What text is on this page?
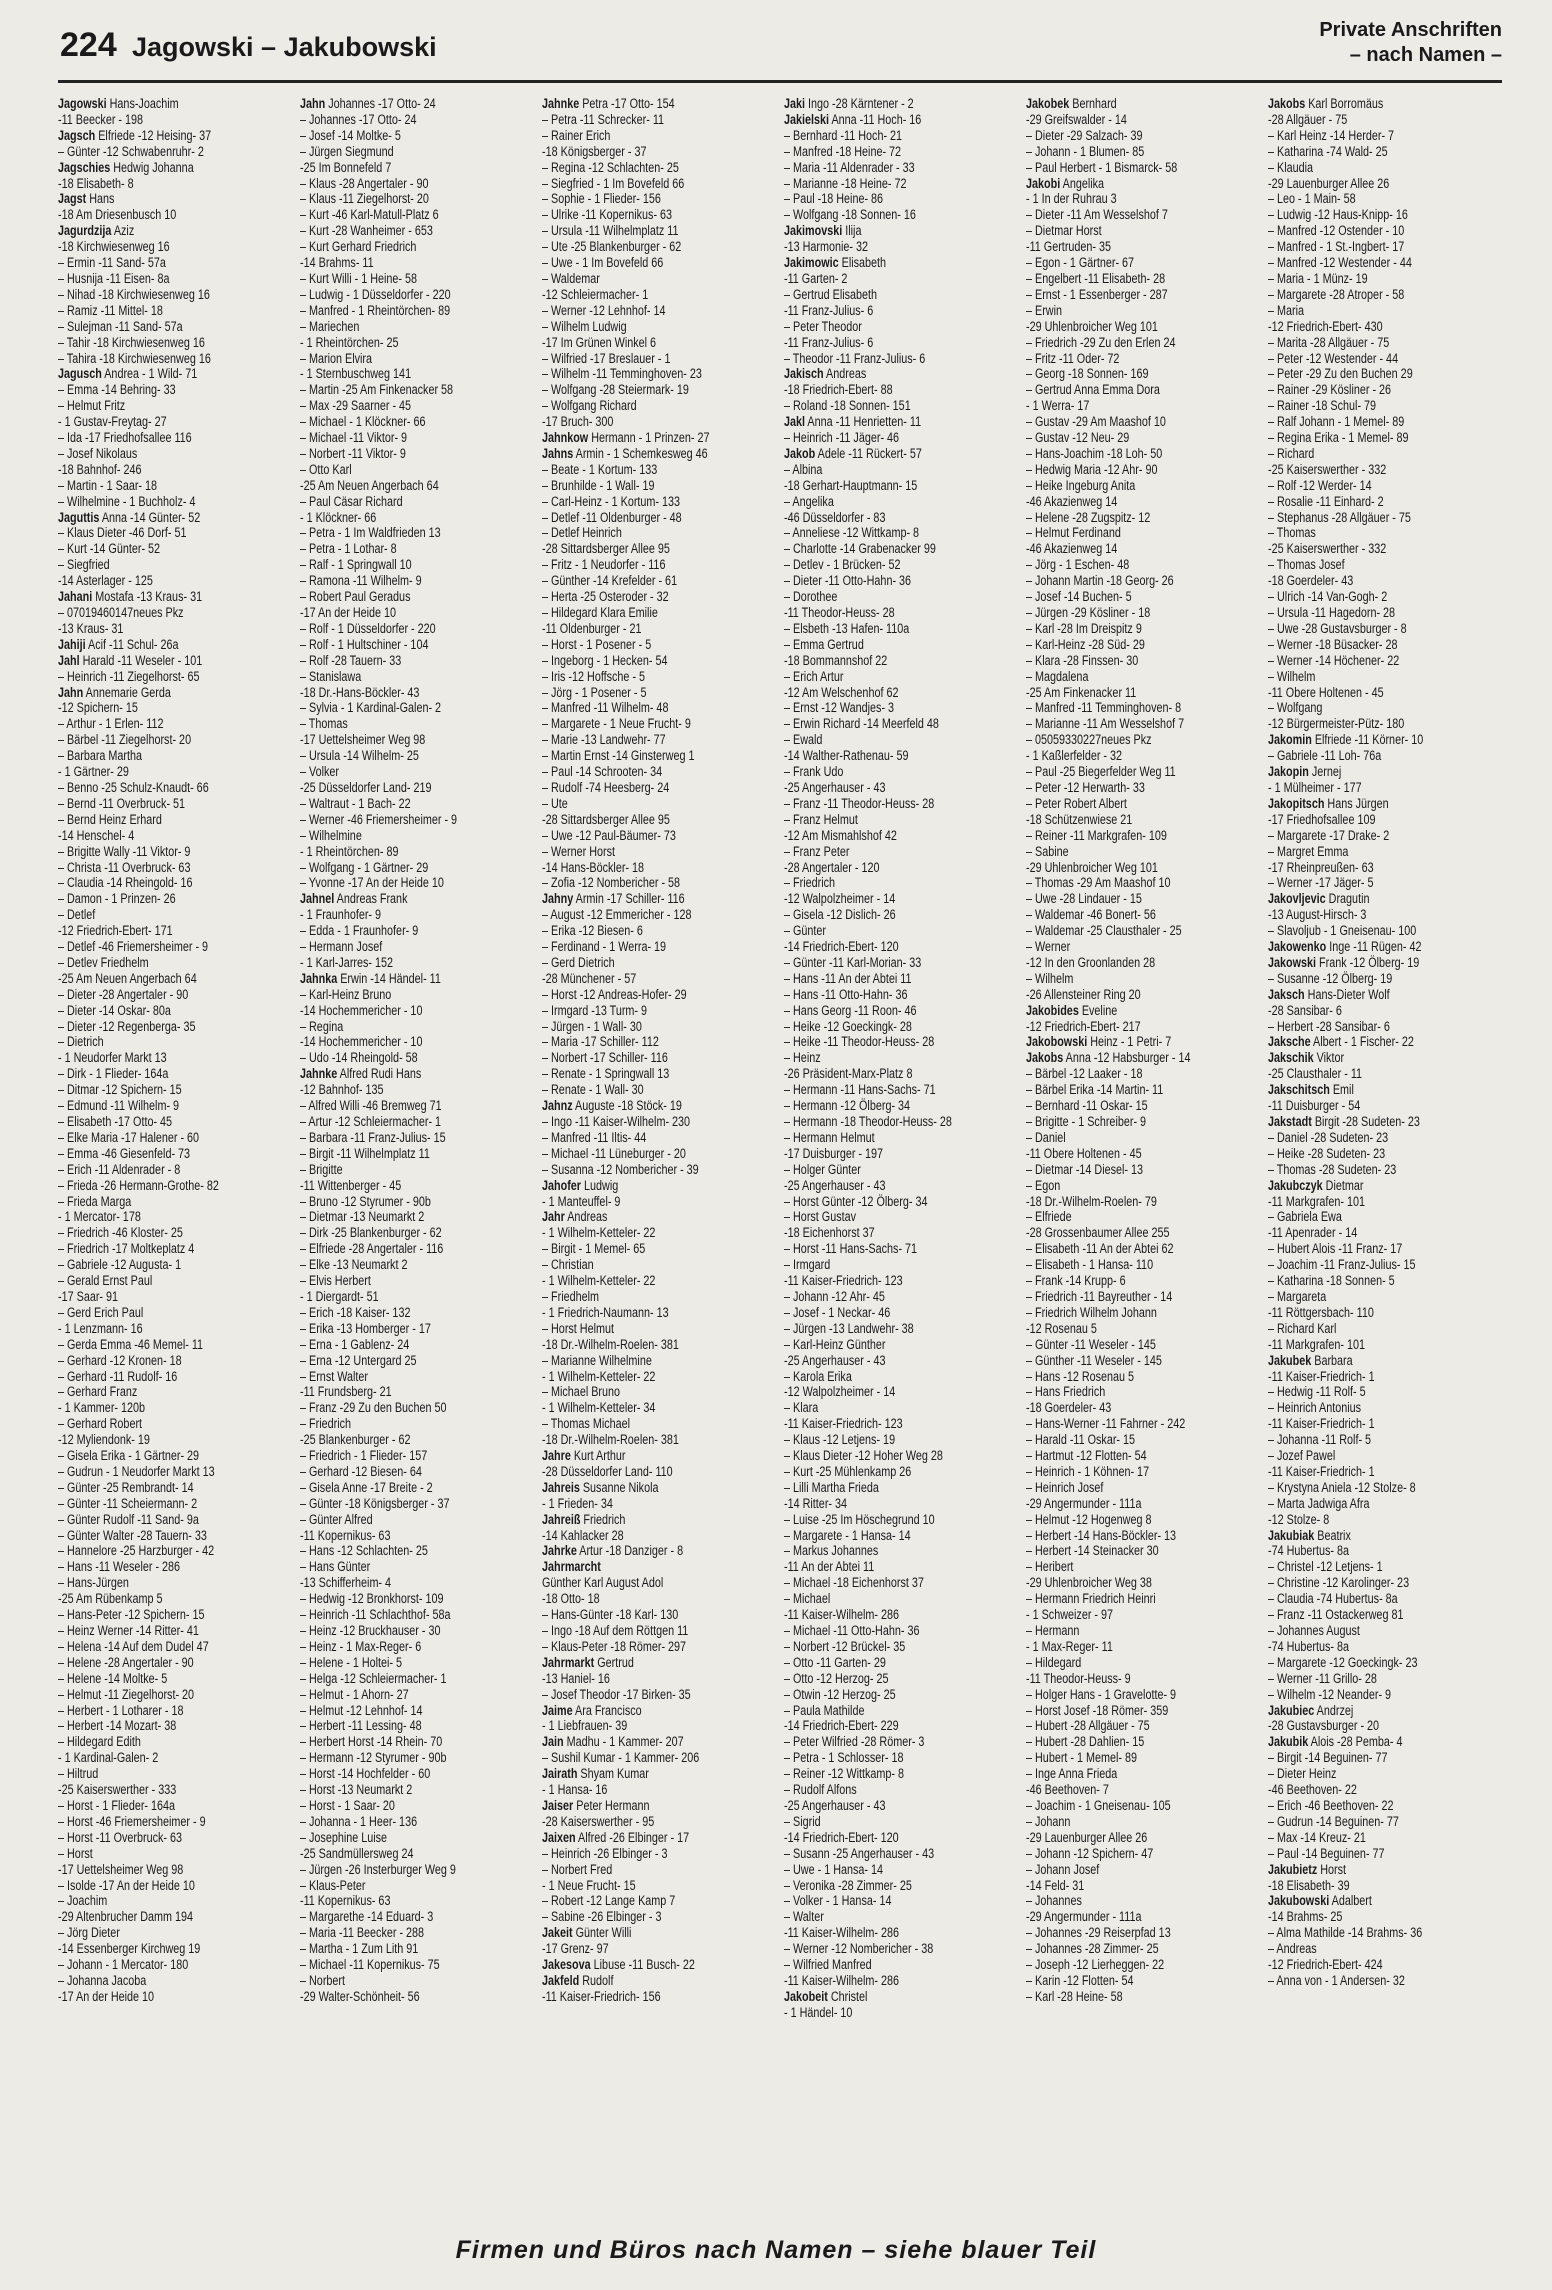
224 Jagowski – Jakubowski
Private Anschriften
– nach Namen –
Jagowski Hans-Joachim
-11 Beecker - 198
Jagsch Elfriede -12 Heising- 37
– Günter -12 Schwabenruhr- 2
Jagschies Hedwig Johanna
-18 Elisabeth- 8
Jagst Hans
-18 Am Driesenbusch 10
Jagurdzija Aziz
-18 Kirchwiesenweg 16
– Ermin -11 Sand- 57a
– Husnija -11 Eisen- 8a
– Nihad -18 Kirchwiesenweg 16
– Ramiz -11 Mittel- 18
– Sulejman -11 Sand- 57a
– Tahir -18 Kirchwiesenweg 16
– Tahira -18 Kirchwiesenweg 16
Jagusch Andrea - 1 Wild- 71
– Emma -14 Behring- 33
– Helmut Fritz
- 1 Gustav-Freytag- 27
– Ida -17 Friedhofsallee 116
– Josef Nikolaus
-18 Bahnhof- 246
– Martin - 1 Saar- 18
– Wilhelmine - 1 Buchholz- 4
Jaguttis Anna -14 Günter- 52
– Klaus Dieter -46 Dorf- 51
– Kurt -14 Günter- 52
– Siegfried
-14 Asterlager - 125
Jahani Mostafa -13 Kraus- 31
– 07019460147neues Pkz
-13 Kraus- 31
Jahiji Acif -11 Schul- 26a
Jahl Harald -11 Weseler - 101
– Heinrich -11 Ziegelhorst- 65
Jahn Annemarie Gerda
-12 Spichern- 15
– Arthur - 1 Erlen- 112
– Bärbel -11 Ziegelhorst- 20
– Barbara Martha
- 1 Gärtner- 29
– Benno -25 Schulz-Knaudt- 66
– Bernd -11 Overbruck- 51
– Bernd Heinz Erhard
-14 Henschel- 4
– Brigitte Wally -11 Viktor- 9
– Christa -11 Overbruck- 63
– Claudia -14 Rheingold- 16
– Damon - 1 Prinzen- 26
– Detlef
-12 Friedrich-Ebert- 171
– Detlef -46 Friemersheimer - 9
– Detlev Friedhelm
-25 Am Neuen Angerbach 64
– Dieter -28 Angertaler - 90
– Dieter -14 Oskar- 80a
– Dieter -12 Regenberga- 35
– Dietrich
- 1 Neudorfer Markt 13
– Dirk - 1 Flieder- 164a
– Ditmar -12 Spichern- 15
– Edmund -11 Wilhelm- 9
– Elisabeth -17 Otto- 45
– Elke Maria -17 Halener - 60
– Emma -46 Giesenfeld- 73
– Erich -11 Aldenrader - 8
– Frieda -26 Hermann-Grothe- 82
– Frieda Marga
- 1 Mercator- 178
– Friedrich -46 Kloster- 25
– Friedrich -17 Moltkeplatz 4
– Gabriele -12 Augusta- 1
– Gerald Ernst Paul
-17 Saar- 91
– Gerd Erich Paul
- 1 Lenzmann- 16
– Gerda Emma -46 Memel- 11
– Gerhard -12 Kronen- 18
– Gerhard -11 Rudolf- 16
– Gerhard Franz
- 1 Kammer- 120b
– Gerhard Robert
-12 Myliendonk- 19
– Gisela Erika - 1 Gärtner- 29
– Gudrun - 1 Neudorfer Markt 13
– Günter -25 Rembrandt- 14
– Günter -11 Scheiermann- 2
– Günter Rudolf -11 Sand- 9a
– Günter Walter -28 Tauern- 33
– Hannelore -25 Harzburger - 42
– Hans -11 Weseler - 286
– Hans-Jürgen
-25 Am Rübenkamp 5
– Hans-Peter -12 Spichern- 15
– Heinz Werner -14 Ritter- 41
– Helena -14 Auf dem Dudel 47
– Helene -28 Angertaler - 90
– Helene -14 Moltke- 5
– Helmut -11 Ziegelhorst- 20
– Herbert - 1 Lotharer - 18
– Herbert -14 Mozart- 38
– Hildegard Edith
- 1 Kardinal-Galen- 2
– Hiltrud
-25 Kaiserswerther - 333
– Horst - 1 Flieder- 164a
– Horst -46 Friemersheimer - 9
– Horst -11 Overbruck- 63
– Horst
-17 Uettelsheimer Weg 98
– Isolde -17 An der Heide 10
– Joachim
-29 Altenbrucher Damm 194
– Jörg Dieter
-14 Essenberger Kirchweg 19
– Johann - 1 Mercator- 180
– Johanna Jacoba
-17 An der Heide 10
Jahn Johannes -17 Otto- 24
– Johannes -17 Otto- 24
– Josef -14 Moltke- 5
– Jürgen Siegmund
-25 Im Bonnefeld 7
– Klaus -28 Angertaler - 90
– Klaus -11 Ziegelhorst- 20
– Kurt -46 Karl-Matull-Platz 6
– Kurt -28 Wanheimer - 653
– Kurt Gerhard Friedrich
-14 Brahms- 11
– Kurt Willi - 1 Heine- 58
– Ludwig - 1 Düsseldorfer - 220
– Manfred - 1 Rheintörchen- 89
– Mariechen
- 1 Rheintörchen- 25
– Marion Elvira
- 1 Sternbuschweg 141
– Martin -25 Am Finkenacker 58
– Max -29 Saarner - 45
– Michael - 1 Klöckner- 66
– Michael -11 Viktor- 9
– Norbert -11 Viktor- 9
– Otto Karl
-25 Am Neuen Angerbach 64
– Paul Cäsar Richard
- 1 Klöckner- 66
– Petra - 1 Im Waldfrieden 13
– Petra - 1 Lothar- 8
– Ralf - 1 Springwall 10
– Ramona -11 Wilhelm- 9
– Robert Paul Geradus
-17 An der Heide 10
– Rolf - 1 Düsseldorfer - 220
– Rolf - 1 Hultschiner - 104
– Rolf -28 Tauern- 33
– Stanislawa
-18 Dr.-Hans-Böckler- 43
– Sylvia - 1 Kardinal-Galen- 2
– Thomas
-17 Uettelsheimer Weg 98
– Ursula -14 Wilhelm- 25
– Volker
-25 Düsseldorfer Land- 219
– Waltraut - 1 Bach- 22
– Werner -46 Friemersheimer - 9
– Wilhelmine
- 1 Rheintörchen- 89
– Wolfgang - 1 Gärtner- 29
– Yvonne -17 An der Heide 10
Jahnel Andreas Frank
- 1 Fraunhofer- 9
– Edda - 1 Fraunhofer- 9
– Hermann Josef
- 1 Karl-Jarres- 152
Jahnka Erwin -14 Händel- 11
– Karl-Heinz Bruno
-14 Hochemmericher - 10
– Regina
-14 Hochemmericher - 10
– Udo -14 Rheingold- 58
Jahnke Alfred Rudi Hans
-12 Bahnhof- 135
– Alfred Willi -46 Bremweg 71
– Artur -12 Schleiermacher- 1
– Barbara -11 Franz-Julius- 15
– Birgit -11 Wilhelmplatz 11
– Brigitte
-11 Wittenberger - 45
– Bruno -12 Styrumer - 90b
– Dietmar -13 Neumarkt 2
– Dirk -25 Blankenburger - 62
– Elfriede -28 Angertaler - 116
– Elke -13 Neumarkt 2
– Elvis Herbert
- 1 Diergardt- 51
– Erich -18 Kaiser- 132
– Erika -13 Homberger - 17
– Erna - 1 Gablenz- 24
– Erna -12 Untergard 25
– Ernst Walter
-11 Frundsberg- 21
– Franz -29 Zu den Buchen 50
– Friedrich
-25 Blankenburger - 62
– Friedrich - 1 Flieder- 157
– Gerhard -12 Biesen- 64
– Gisela Anne -17 Breite - 2
– Günter -18 Königsberger - 37
– Günter Alfred
-11 Kopernikus- 63
– Hans -12 Schlachten- 25
– Hans Günter
-13 Schifferheim- 4
– Hedwig -12 Bronkhorst- 109
– Heinrich -11 Schlachthof- 58a
– Heinz -12 Bruckhauser - 30
– Heinz - 1 Max-Reger- 6
– Helene - 1 Holtei- 5
– Helga -12 Schleiermacher- 1
– Helmut - 1 Ahorn- 27
– Helmut -12 Lehnhof- 14
– Herbert -11 Lessing- 48
– Herbert Horst -14 Rhein- 70
– Hermann -12 Styrumer - 90b
– Horst -14 Hochfelder - 60
– Horst -13 Neumarkt 2
– Horst - 1 Saar- 20
– Johanna - 1 Heer- 136
– Josephine Luise
-25 Sandmüllersweg 24
– Jürgen -26 Insterburger Weg 9
– Klaus-Peter
-11 Kopernikus- 63
– Margarethe -14 Eduard- 3
– Maria -11 Beecker - 288
– Martha - 1 Zum Lith 91
– Michael -11 Kopernikus- 75
– Norbert
-29 Walter-Schönheit- 56
Jahnke Petra -17 Otto- 154
– Petra -11 Schrecker- 11
– Rainer Erich
-18 Königsberger - 37
– Regina -12 Schlachten- 25
– Siegfried - 1 Im Bovefeld 66
– Sophie - 1 Flieder- 156
– Ulrike -11 Kopernikus- 63
– Ursula -11 Wilhelmplatz 11
– Ute -25 Blankenburger - 62
– Uwe - 1 Im Bovefeld 66
– Waldemar
-12 Schleiermacher- 1
– Werner -12 Lehnhof- 14
– Wilhelm Ludwig
-17 Im Grünen Winkel 6
– Wilfried -17 Breslauer - 1
– Wilhelm -11 Temminghoven- 23
– Wolfgang -28 Steiermark- 19
– Wolfgang Richard
-17 Bruch- 300
Jahnkow Hermann - 1 Prinzen- 27
Jahns Armin - 1 Schemkesweg 46
– Beate - 1 Kortum- 133
– Brunhilde - 1 Wall- 19
– Carl-Heinz - 1 Kortum- 133
– Detlef -11 Oldenburger - 48
– Detlef Heinrich
-28 Sittardsberger Allee 95
– Fritz - 1 Neudorfer - 116
– Günther -14 Krefelder - 61
– Herta -25 Osteroder - 32
– Hildegard Klara Emilie
-11 Oldenburger - 21
– Horst - 1 Posener - 5
– Ingeborg - 1 Hecken- 54
– Iris -12 Hoffsche - 5
– Jörg - 1 Posener - 5
– Manfred -11 Wilhelm- 48
– Margarete - 1 Neue Frucht- 9
– Marie -13 Landwehr- 77
– Martin Ernst -14 Ginsterweg 1
– Paul -14 Schrooten- 34
– Rudolf -74 Heesberg- 24
– Ute
-28 Sittardsberger Allee 95
– Uwe -12 Paul-Bäumer- 73
– Werner Horst
-14 Hans-Böckler- 18
– Zofia -12 Nombericher - 58
Jahny Armin -17 Schiller- 116
– August -12 Emmericher - 128
– Erika -12 Biesen- 6
– Ferdinand - 1 Werra- 19
– Gerd Dietrich
-28 Münchener - 57
– Horst -12 Andreas-Hofer- 29
– Irmgard -13 Turm- 9
– Jürgen - 1 Wall- 30
– Maria -17 Schiller- 112
– Norbert -17 Schiller- 116
– Renate - 1 Springwall 13
– Renate - 1 Wall- 30
Jahnz Auguste -18 Stöck- 19
– Ingo -11 Kaiser-Wilhelm- 230
– Manfred -11 Iltis- 44
– Michael -11 Lüneburger - 20
– Susanna -12 Nombericher - 39
Jahofer Ludwig
- 1 Manteuffel- 9
Jahr Andreas
- 1 Wilhelm-Ketteler- 22
– Birgit - 1 Memel- 65
– Christian
- 1 Wilhelm-Ketteler- 22
– Friedhelm
- 1 Friedrich-Naumann- 13
– Horst Helmut
-18 Dr.-Wilhelm-Roelen- 381
– Marianne Wilhelmine
- 1 Wilhelm-Ketteler- 22
– Michael Bruno
- 1 Wilhelm-Ketteler- 34
– Thomas Michael
-18 Dr.-Wilhelm-Roelen- 381
Jahre Kurt Arthur
-28 Düsseldorfer Land- 110
Jahreis Susanne Nikola
- 1 Frieden- 34
Jahreiß Friedrich
-14 Kahlacker 28
Jahrke Artur -18 Danziger - 8
Jahrmarcht
Günther Karl August Adol
-18 Otto- 18
– Hans-Günter -18 Karl- 130
– Ingo -18 Auf dem Röttgen 11
– Klaus-Peter -18 Römer- 297
Jahrmarkt Gertrud
-13 Haniel- 16
– Josef Theodor -17 Birken- 35
Jaime Ara Francisco
- 1 Liebfrauen- 39
Jain Madhu - 1 Kammer- 207
– Sushil Kumar - 1 Kammer- 206
Jairath Shyam Kumar
- 1 Hansa- 16
Jaiser Peter Hermann
-28 Kaiserswerther - 95
Jaixen Alfred -26 Elbinger - 17
– Heinrich -26 Elbinger - 3
– Norbert Fred
- 1 Neue Frucht- 15
– Robert -12 Lange Kamp 7
– Sabine -26 Elbinger - 3
Jakeit Günter Willi
-17 Grenz- 97
Jakesova Libuse -11 Busch- 22
Jakfeld Rudolf
-11 Kaiser-Friedrich- 156
Jaki Ingo -28 Kärntener - 2
Jakielski Anna -11 Hoch- 16
– Bernhard -11 Hoch- 21
– Manfred -18 Heine- 72
– Maria -11 Aldenrader - 33
– Marianne -18 Heine- 72
– Paul -18 Heine- 86
– Wolfgang -18 Sonnen- 16
Jakimovski Ilija
-13 Harmonie- 32
Jakimowic Elisabeth
-11 Garten- 2
– Gertrud Elisabeth
-11 Franz-Julius- 6
– Peter Theodor
-11 Franz-Julius- 6
– Theodor -11 Franz-Julius- 6
Jakisch Andreas
-18 Friedrich-Ebert- 88
– Roland -18 Sonnen- 151
Jakl Anna -11 Henrietten- 11
– Heinrich -11 Jäger- 46
Jakob Adele -11 Rückert- 57
– Albina
-18 Gerhart-Hauptmann- 15
– Angelika
-46 Düsseldorfer - 83
– Anneliese -12 Wittkamp- 8
– Charlotte -14 Grabenacker 99
– Detlev - 1 Brücken- 52
– Dieter -11 Otto-Hahn- 36
– Dorothee
-11 Theodor-Heuss- 28
– Elsbeth -13 Hafen- 110a
– Emma Gertrud
-18 Bommannshof 22
– Erich Artur
-12 Am Welschenhof 62
– Ernst -12 Wandjes- 3
– Erwin Richard -14 Meerfeld 48
– Ewald
-14 Walther-Rathenau- 59
– Frank Udo
-25 Angerhauser - 43
– Franz -11 Theodor-Heuss- 28
– Franz Helmut
-12 Am Mismahlshof 42
– Franz Peter
-28 Angertaler - 120
– Friedrich
-12 Walpolzheimer - 14
– Gisela -12 Dislich- 26
– Günter
-14 Friedrich-Ebert- 120
– Günter -11 Karl-Morian- 33
– Hans -11 An der Abtei 11
– Hans -11 Otto-Hahn- 36
– Hans Georg -11 Roon- 46
– Heike -12 Goeckingk- 28
– Heike -11 Theodor-Heuss- 28
– Heinz
-26 Präsident-Marx-Platz 8
– Hermann -11 Hans-Sachs- 71
– Hermann -12 Ölberg- 34
– Hermann -18 Theodor-Heuss- 28
– Hermann Helmut
-17 Duisburger - 197
– Holger Günter
-25 Angerhauser - 43
– Horst Günter -12 Ölberg- 34
– Horst Gustav
-18 Eichenhorst 37
– Horst -11 Hans-Sachs- 71
– Irmgard
-11 Kaiser-Friedrich- 123
– Johann -12 Ahr- 45
– Josef - 1 Neckar- 46
– Jürgen -13 Landwehr- 38
– Karl-Heinz Günther
-25 Angerhauser - 43
– Karola Erika
-12 Walpolzheimer - 14
– Klara
-11 Kaiser-Friedrich- 123
– Klaus -12 Letjens- 19
– Klaus Dieter -12 Hoher Weg 28
– Kurt -25 Mühlenkamp 26
– Lilli Martha Frieda
-14 Ritter- 34
– Luise -25 Im Höschegrund 10
– Margarete - 1 Hansa- 14
– Markus Johannes
-11 An der Abtei 11
– Michael -18 Eichenhorst 37
– Michael
-11 Kaiser-Wilhelm- 286
– Michael -11 Otto-Hahn- 36
– Norbert -12 Brückel- 35
– Otto -11 Garten- 29
– Otto -12 Herzog- 25
– Otwin -12 Herzog- 25
– Paula Mathilde
-14 Friedrich-Ebert- 229
– Peter Wilfried -28 Römer- 3
– Petra - 1 Schlosser- 18
– Reiner -12 Wittkamp- 8
– Rudolf Alfons
-25 Angerhauser - 43
– Sigrid
-14 Friedrich-Ebert- 120
– Susann -25 Angerhauser - 43
– Uwe - 1 Hansa- 14
– Veronika -28 Zimmer- 25
– Volker - 1 Hansa- 14
– Walter
-11 Kaiser-Wilhelm- 286
– Werner -12 Nombericher - 38
– Wilfried Manfred
-11 Kaiser-Wilhelm- 286
Jakobeit Christel
- 1 Händel- 10
Jakobek Bernhard
-29 Greifswalder - 14
– Dieter -29 Salzach- 39
– Johann - 1 Blumen- 85
– Paul Herbert - 1 Bismarck- 58
Jakobi Angelika
- 1 In der Ruhrau 3
– Dieter -11 Am Wesselshof 7
– Dietmar Horst
-11 Gertruden- 35
– Egon - 1 Gärtner- 67
– Engelbert -11 Elisabeth- 28
– Ernst - 1 Essenberger - 287
– Erwin
-29 Uhlenbroicher Weg 101
– Friedrich -29 Zu den Erlen 24
– Fritz -11 Oder- 72
– Georg -18 Sonnen- 169
– Gertrud Anna Emma Dora
- 1 Werra- 17
– Gustav -29 Am Maashof 10
– Gustav -12 Neu- 29
– Hans-Joachim -18 Loh- 50
– Hedwig Maria -12 Ahr- 90
– Heike Ingeburg Anita
-46 Akazienweg 14
– Helene -28 Zugspitz- 12
– Helmut Ferdinand
-46 Akazienweg 14
– Jörg - 1 Eschen- 48
– Johann Martin -18 Georg- 26
– Josef -14 Buchen- 5
– Jürgen -29 Kösliner - 18
– Karl -28 Im Dreispitz 9
– Karl-Heinz -28 Süd- 29
– Klara -28 Finssen- 30
– Magdalena
-25 Am Finkenacker 11
– Manfred -11 Temminghoven- 8
– Marianne -11 Am Wesselshof 7
– 05059330227neues Pkz
- 1 Kaßlerfelder - 32
– Paul -25 Biegerfelder Weg 11
– Peter -12 Herwarth- 33
– Peter Robert Albert
-18 Schützenwiese 21
– Reiner -11 Markgrafen- 109
– Sabine
-29 Uhlenbroicher Weg 101
– Thomas -29 Am Maashof 10
– Uwe -28 Lindauer - 15
– Waldemar -46 Bonert- 56
– Waldemar -25 Clausthaler - 25
– Werner
-12 In den Groonlanden 28
– Wilhelm
-26 Allensteiner Ring 20
Jakobides Eveline
-12 Friedrich-Ebert- 217
Jakobowski Heinz - 1 Petri- 7
Jakobs Anna -12 Habsburger - 14
– Bärbel -12 Laaker - 18
– Bärbel Erika -14 Martin- 11
– Bernhard -11 Oskar- 15
– Brigitte - 1 Schreiber- 9
– Daniel
-11 Obere Holtenen - 45
– Dietmar -14 Diesel- 13
– Egon
-18 Dr.-Wilhelm-Roelen- 79
– Elfriede
-28 Grossenbaumer Allee 255
– Elisabeth -11 An der Abtei 62
– Elisabeth - 1 Hansa- 110
– Frank -14 Krupp- 6
– Friedrich -11 Bayreuther - 14
– Friedrich Wilhelm Johann
-12 Rosenau 5
– Günter -11 Weseler - 145
– Günther -11 Weseler - 145
– Hans -12 Rosenau 5
– Hans Friedrich
-18 Goerdeler- 43
– Hans-Werner -11 Fahrner - 242
– Harald -11 Oskar- 15
– Hartmut -12 Flotten- 54
– Heinrich - 1 Köhnen- 17
– Heinrich Josef
-29 Angermunder - 111a
– Helmut -12 Hogenweg 8
– Herbert -14 Hans-Böckler- 13
– Herbert -14 Steinacker 30
– Heribert
-29 Uhlenbroicher Weg 38
– Hermann Friedrich Heinri
- 1 Schweizer - 97
– Hermann
- 1 Max-Reger- 11
– Hildegard
-11 Theodor-Heuss- 9
– Holger Hans - 1 Gravelotte- 9
– Horst Josef -18 Römer- 359
– Hubert -28 Allgäuer - 75
– Hubert -28 Dahlien- 15
– Hubert - 1 Memel- 89
– Inge Anna Frieda
-46 Beethoven- 7
– Joachim - 1 Gneisenau- 105
– Johann
-29 Lauenburger Allee 26
– Johann -12 Spichern- 47
– Johann Josef
-14 Feld- 31
– Johannes
-29 Angermunder - 111a
– Johannes -29 Reiserpfad 13
– Johannes -28 Zimmer- 25
– Joseph -12 Lierheggen- 22
– Karin -12 Flotten- 54
– Karl -28 Heine- 58
Jakobs Karl Borromäus
-28 Allgäuer - 75
– Karl Heinz -14 Herder- 7
– Katharina -74 Wald- 25
– Klaudia
-29 Lauenburger Allee 26
– Leo - 1 Main- 58
– Ludwig -12 Haus-Knipp- 16
– Manfred -12 Ostender - 10
– Manfred - 1 St.-Ingbert- 17
– Manfred -12 Westender - 44
– Maria - 1 Münz- 19
– Margarete -28 Atroper - 58
– Maria
-12 Friedrich-Ebert- 430
– Marita -28 Allgäuer - 75
– Peter -12 Westender - 44
– Peter -29 Zu den Buchen 29
– Rainer -29 Kösliner - 26
– Rainer -18 Schul- 79
– Ralf Johann - 1 Memel- 89
– Regina Erika - 1 Memel- 89
– Richard
-25 Kaiserswerther - 332
– Rolf -12 Werder- 14
– Rosalie -11 Einhard- 2
– Stephanus -28 Allgäuer - 75
– Thomas
-25 Kaiserswerther - 332
– Thomas Josef
-18 Goerdeler- 43
– Ulrich -14 Van-Gogh- 2
– Ursula -11 Hagedorn- 28
– Uwe -28 Gustavsburger - 8
– Werner -18 Büsacker- 28
– Werner -14 Höchener- 22
– Wilhelm
-11 Obere Holtenen - 45
– Wolfgang
-12 Bürgermeister-Pütz- 180
Jakomin Elfriede -11 Körner- 10
– Gabriele -11 Loh- 76a
Jakopin Jernej
- 1 Mülheimer - 177
Jakopitsch Hans Jürgen
-17 Friedhofsallee 109
– Margarete -17 Drake- 2
– Margret Emma
-17 Rheinpreußen- 63
– Werner -17 Jäger- 5
Jakovljevic Dragutin
-13 August-Hirsch- 3
– Slavoljub - 1 Gneisenau- 100
Jakowenko Inge -11 Rügen- 42
Jakowski Frank -12 Ölberg- 19
– Susanne -12 Ölberg- 19
Jaksch Hans-Dieter Wolf
-28 Sansibar- 6
– Herbert -28 Sansibar- 6
Jaksche Albert - 1 Fischer- 22
Jakschik Viktor
-25 Clausthaler - 11
Jakschitsch Emil
-11 Duisburger - 54
Jakstadt Birgit -28 Sudeten- 23
– Daniel -28 Sudeten- 23
– Heike -28 Sudeten- 23
– Thomas -28 Sudeten- 23
Jakubczyk Dietmar
-11 Markgrafen- 101
– Gabriela Ewa
-11 Apenrader - 14
– Hubert Alois -11 Franz- 17
– Joachim -11 Franz-Julius- 15
– Katharina -18 Sonnen- 5
– Margareta
-11 Röttgersbach- 110
– Richard Karl
-11 Markgrafen- 101
Jakubek Barbara
-11 Kaiser-Friedrich- 1
– Hedwig -11 Rolf- 5
– Heinrich Antonius
-11 Kaiser-Friedrich- 1
– Johanna -11 Rolf- 5
– Jozef Pawel
-11 Kaiser-Friedrich- 1
– Krystyna Aniela -12 Stolze- 8
– Marta Jadwiga Afra
-12 Stolze- 8
Jakubiak Beatrix
-74 Hubertus- 8a
– Christel -12 Letjens- 1
– Christine -12 Karolinger- 23
– Claudia -74 Hubertus- 8a
– Franz -11 Ostackerweg 81
– Johannes August
-74 Hubertus- 8a
– Margarete -12 Goeckingk- 23
– Werner -11 Grillo- 28
– Wilhelm -12 Neander- 9
Jakubiec Andrzej
-28 Gustavsburger - 20
Jakubik Alois -28 Pemba- 4
– Birgit -14 Beguinen- 77
– Dieter Heinz
-46 Beethoven- 22
– Erich -46 Beethoven- 22
– Gudrun -14 Beguinen- 77
– Max -14 Kreuz- 21
– Paul -14 Beguinen- 77
Jakubietz Horst
-18 Elisabeth- 39
Jakubowski Adalbert
-14 Brahms- 25
– Alma Mathilde -14 Brahms- 36
– Andreas
-12 Friedrich-Ebert- 424
– Anna von - 1 Andersen- 32
Firmen und Büros nach Namen – siehe blauer Teil
